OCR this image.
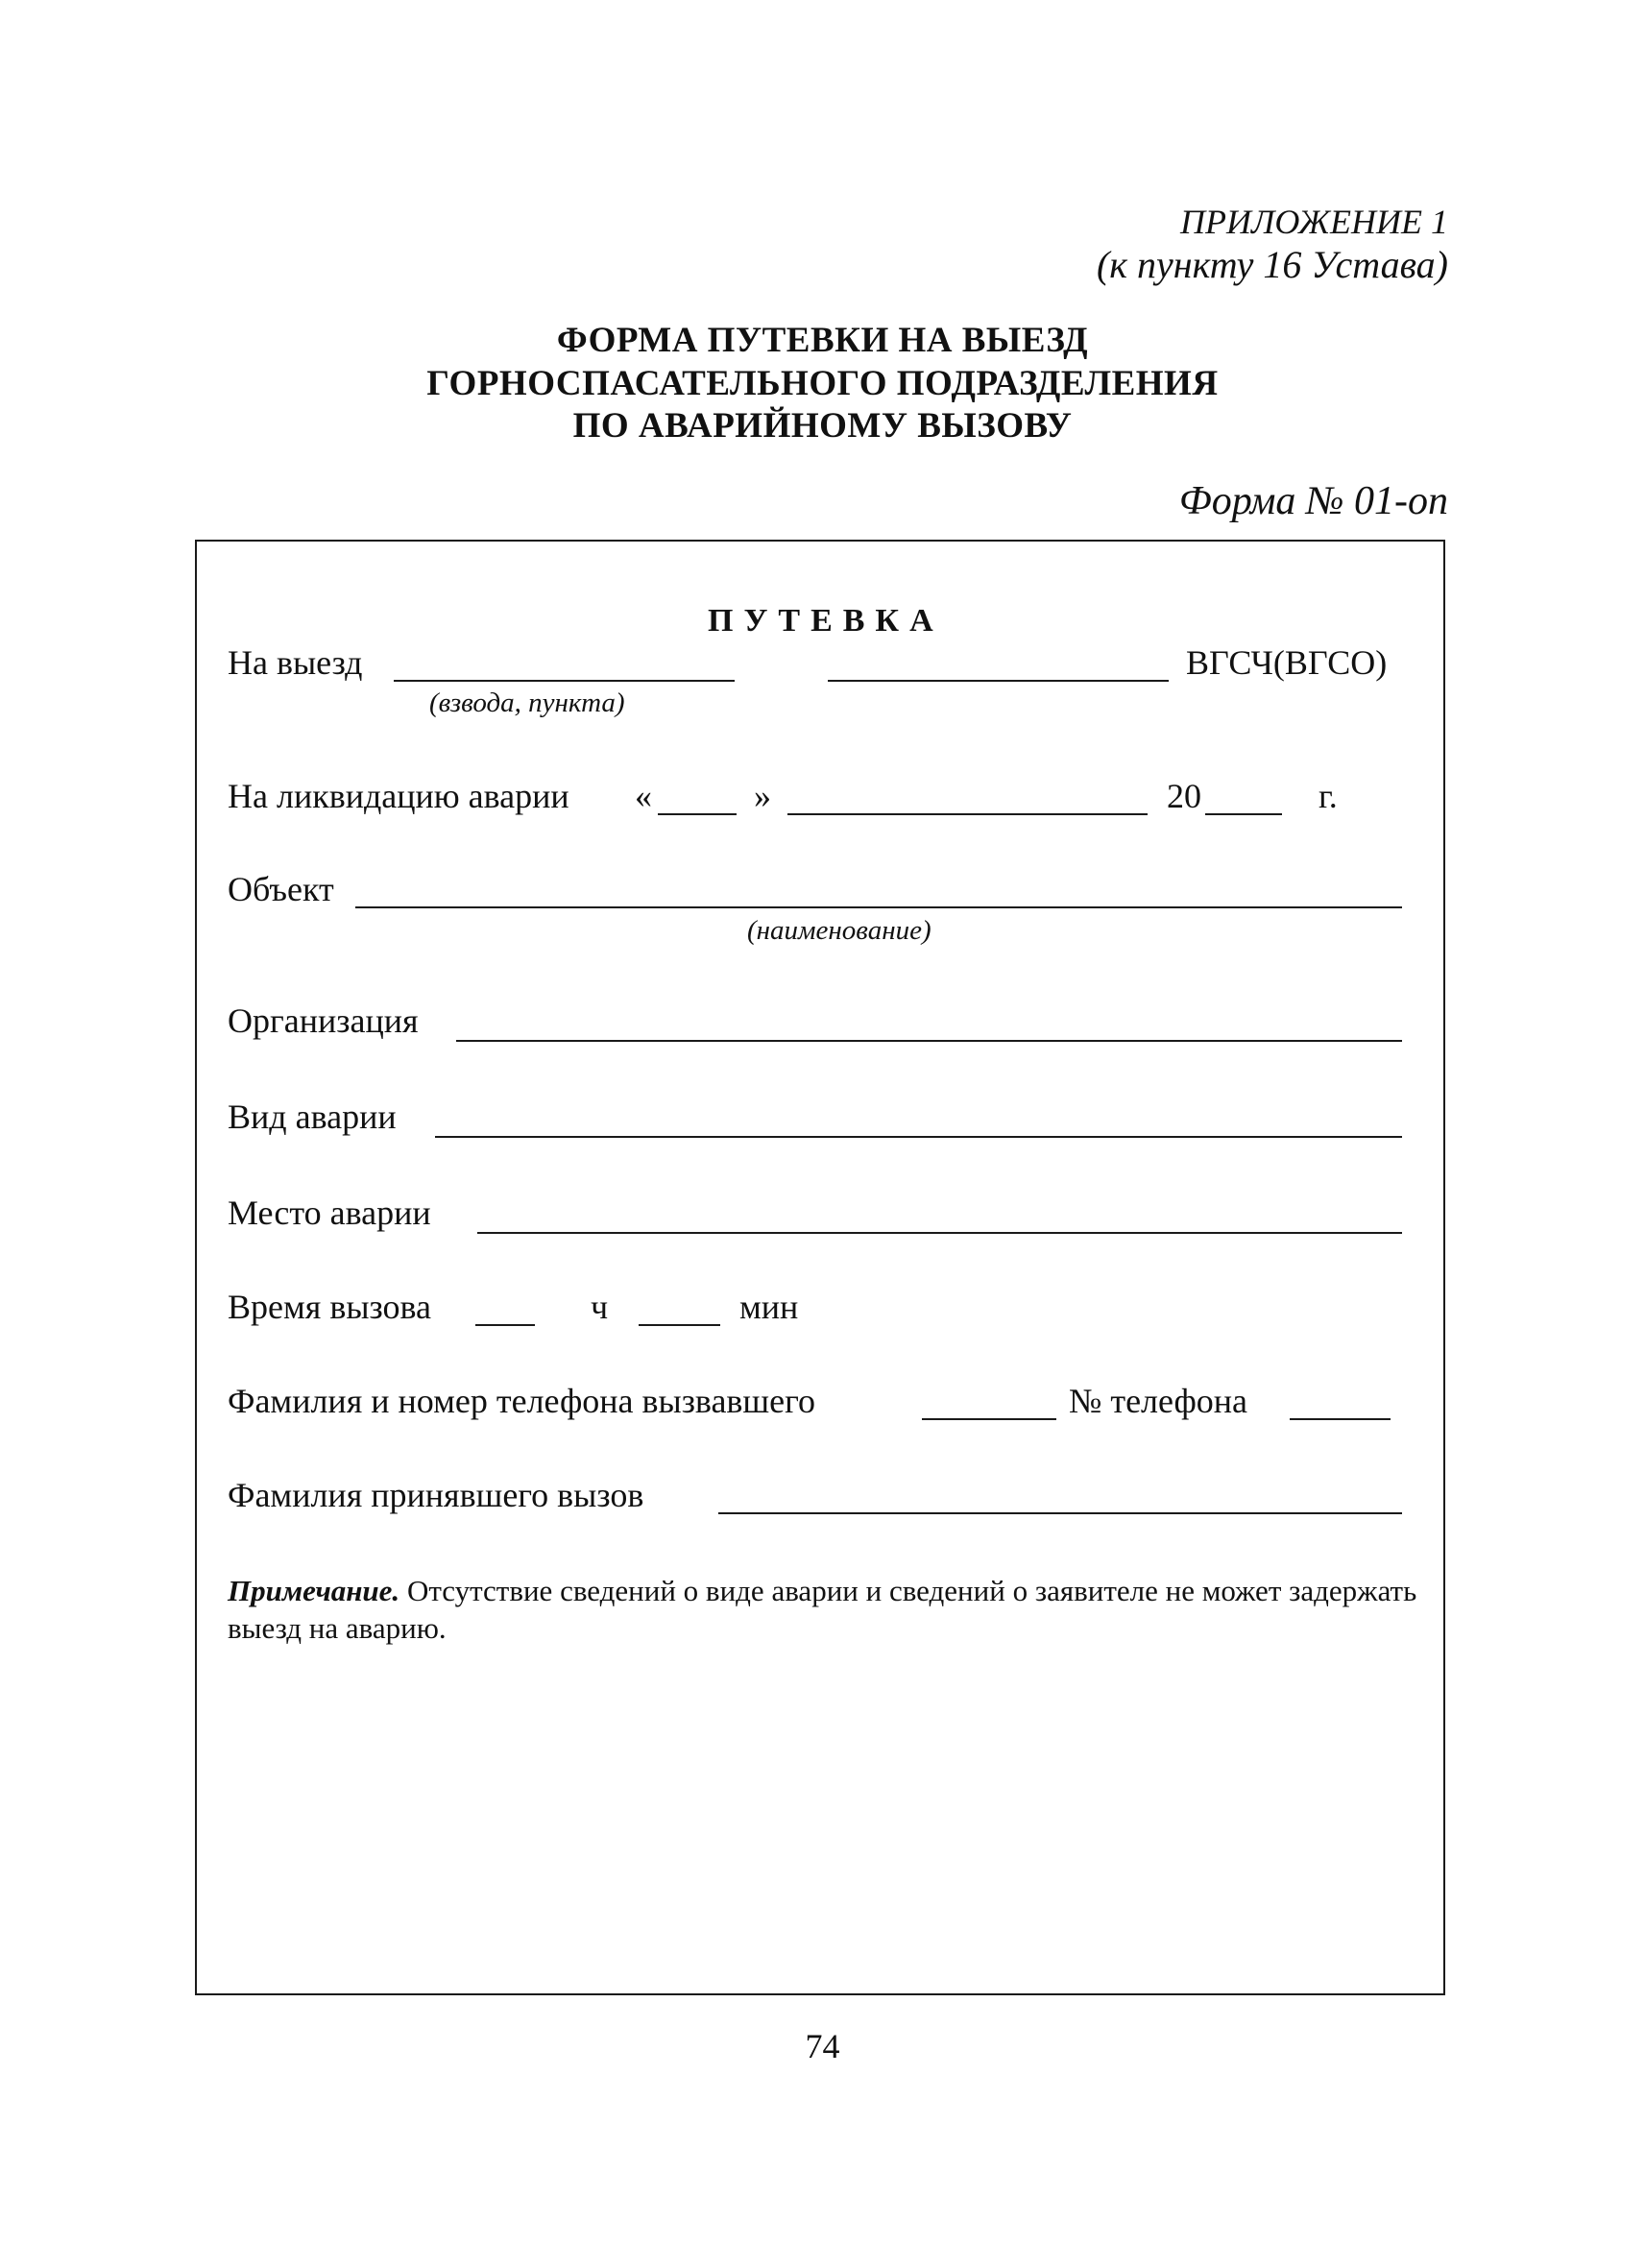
ПРИЛОЖЕНИЕ 1
(к пункту 16 Устава)
ФОРМА ПУТЕВКИ НА ВЫЕЗД
ГОРНОСПАСАТЕЛЬНОГО ПОДРАЗДЕЛЕНИЯ
ПО АВАРИЙНОМУ ВЫЗОВУ
Форма № 01-оп
ПУТЕВКА
На выезд	ВГСЧ(ВГСО)
(взвода, пункта)
На ликвидацию аварии «	»	20	г.
Объект
(наименование)
Организация
Вид аварии
Место аварии
Время вызова	ч	мин
Фамилия и номер телефона вызвавшего	№ телефона
Фамилия принявшего вызов
Примечание. Отсутствие сведений о виде аварии и сведений о заявителе не может задержать выезд на аварию.
74
